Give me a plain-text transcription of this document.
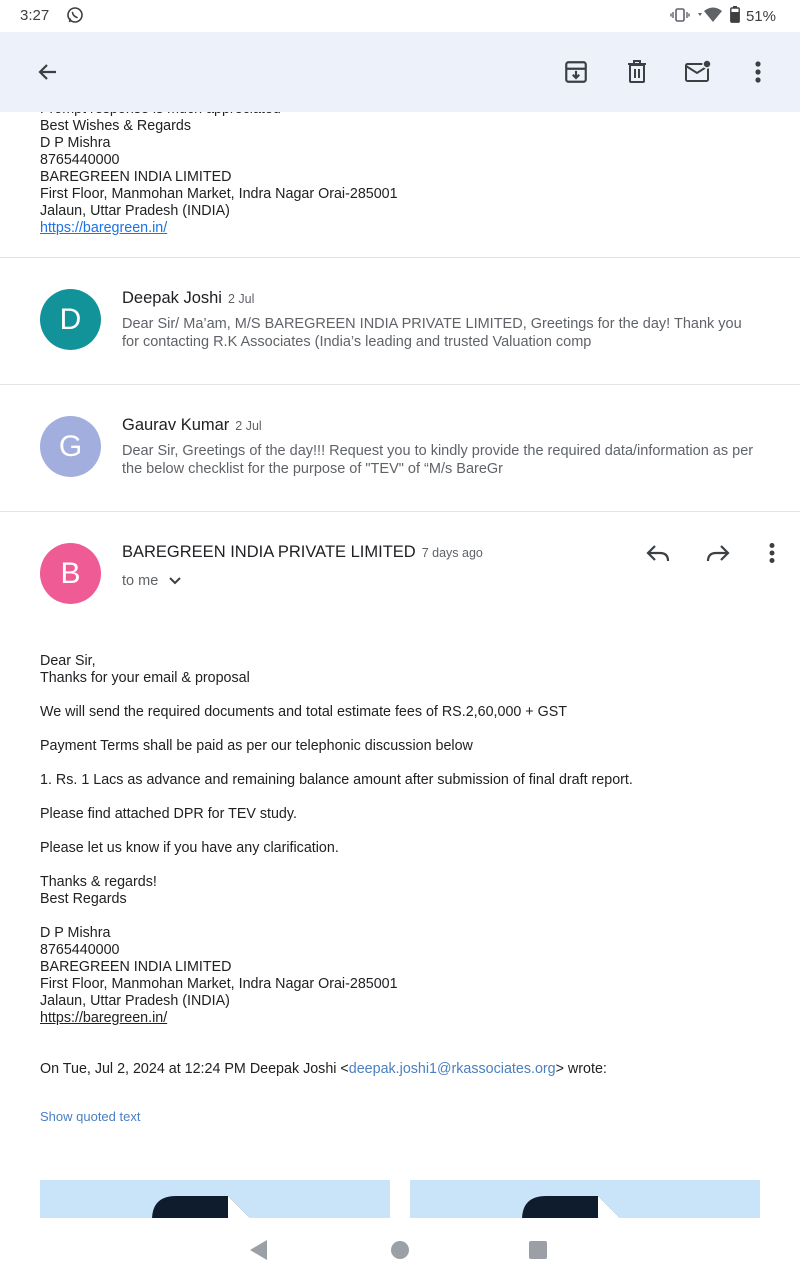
3:27	51%
Best Wishes & Regards
D P Mishra
8765440000
BAREGREEN INDIA LIMITED
First Floor, Manmohan Market, Indra Nagar Orai-285001
Jalaun, Uttar Pradesh (INDIA)
https://baregreen.in/
D
Deepak Joshi 2 Jul
Dear Sir/ Ma’am, M/S BAREGREEN INDIA PRIVATE LIMITED, Greetings for the day! Thank you for contacting R.K Associates (India’s leading and trusted Valuation comp
G
Gaurav Kumar 2 Jul
Dear Sir, Greetings of the day!!! Request you to kindly provide the required data/information as per the below checklist for the purpose of "TEV" of “M/s BareGr
B
BAREGREEN INDIA PRIVATE LIMITED 7 days ago
to me
Dear Sir,
Thanks for your email & proposal
We will send the required documents and total estimate fees of RS.2,60,000 + GST
Payment Terms shall be paid as per our telephonic discussion below
1. Rs. 1 Lacs as advance and remaining balance amount after submission of final draft report.
Please find attached DPR for TEV study.
Please let us know if you have any clarification.
Thanks & regards!
Best Regards
D P Mishra
8765440000
BAREGREEN INDIA LIMITED
First Floor, Manmohan Market, Indra Nagar Orai-285001
Jalaun, Uttar Pradesh (INDIA)
https://baregreen.in/
On Tue, Jul 2, 2024 at 12:24 PM Deepak Joshi <deepak.joshi1@rkassociates.org> wrote:
Show quoted text
